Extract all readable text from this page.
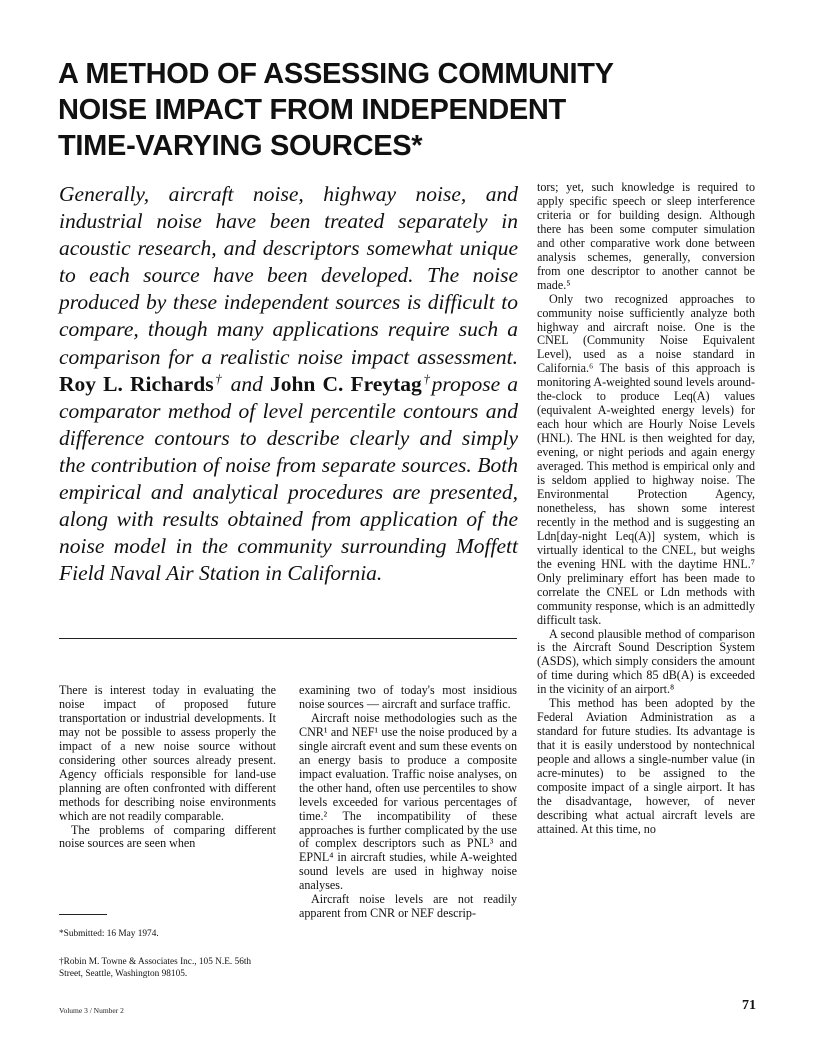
A METHOD OF ASSESSING COMMUNITY
NOISE IMPACT FROM INDEPENDENT
TIME-VARYING SOURCES*

Generally, aircraft noise, highway noise, and industrial noise have been treated separately in acoustic research, and descriptors somewhat unique to each source have been developed. The noise produced by these independent sources is difficult to compare, though many applications require such a comparison for a realistic noise impact assessment. Roy L. Richards† and John C. Freytag†propose a comparator method of level percentile contours and difference contours to describe clearly and simply the contribution of noise from separate sources. Both empirical and analytical procedures are presented, along with results obtained from application of the noise model in the community surrounding Moffett Field Naval Air Station in California.

There is interest today in evaluating the noise impact of proposed future transportation or industrial developments. It may not be possible to assess properly the impact of a new noise source without considering other sources already present. Agency officials responsible for land-use planning are often confronted with different methods for describing noise environments which are not readily comparable.

The problems of comparing different noise sources are seen when

examining two of today's most insidious noise sources — aircraft and surface traffic.

Aircraft noise methodologies such as the CNR¹ and NEF¹ use the noise produced by a single aircraft event and sum these events on an energy basis to produce a composite impact evaluation. Traffic noise analyses, on the other hand, often use percentiles to show levels exceeded for various percentages of time.² The incompatibility of these approaches is further complicated by the use of complex descriptors such as PNL³ and EPNL⁴ in aircraft studies, while A-weighted sound levels are used in highway noise analyses.

Aircraft noise levels are not readily apparent from CNR or NEF descrip-

tors; yet, such knowledge is required to apply specific speech or sleep interference criteria or for building design. Although there has been some computer simulation and other comparative work done between analysis schemes, generally, conversion from one descriptor to another cannot be made.⁵

Only two recognized approaches to community noise sufficiently analyze both highway and aircraft noise. One is the CNEL (Community Noise Equivalent Level), used as a noise standard in California.⁶ The basis of this approach is monitoring A-weighted sound levels around-the-clock to produce Leq(A) values (equivalent A-weighted energy levels) for each hour which are Hourly Noise Levels (HNL). The HNL is then weighted for day, evening, or night periods and again energy averaged. This method is empirical only and is seldom applied to highway noise. The Environmental Protection Agency, nonetheless, has shown some interest recently in the method and is suggesting an Ldn[day-night Leq(A)] system, which is virtually identical to the CNEL, but weighs the evening HNL with the daytime HNL.⁷ Only preliminary effort has been made to correlate the CNEL or Ldn methods with community response, which is an admittedly difficult task.

A second plausible method of comparison is the Aircraft Sound Description System (ASDS), which simply considers the amount of time during which 85 dB(A) is exceeded in the vicinity of an airport.⁸

This method has been adopted by the Federal Aviation Administration as a standard for future studies. Its advantage is that it is easily understood by nontechnical people and allows a single-number value (in acre-minutes) to be assigned to the composite impact of a single airport. It has the disadvantage, however, of never describing what actual aircraft levels are attained. At this time, no

*Submitted: 16 May 1974.

†Robin M. Towne & Associates Inc., 105 N.E. 56th Street, Seattle, Washington 98105.

Volume 3 / Number 2	71
